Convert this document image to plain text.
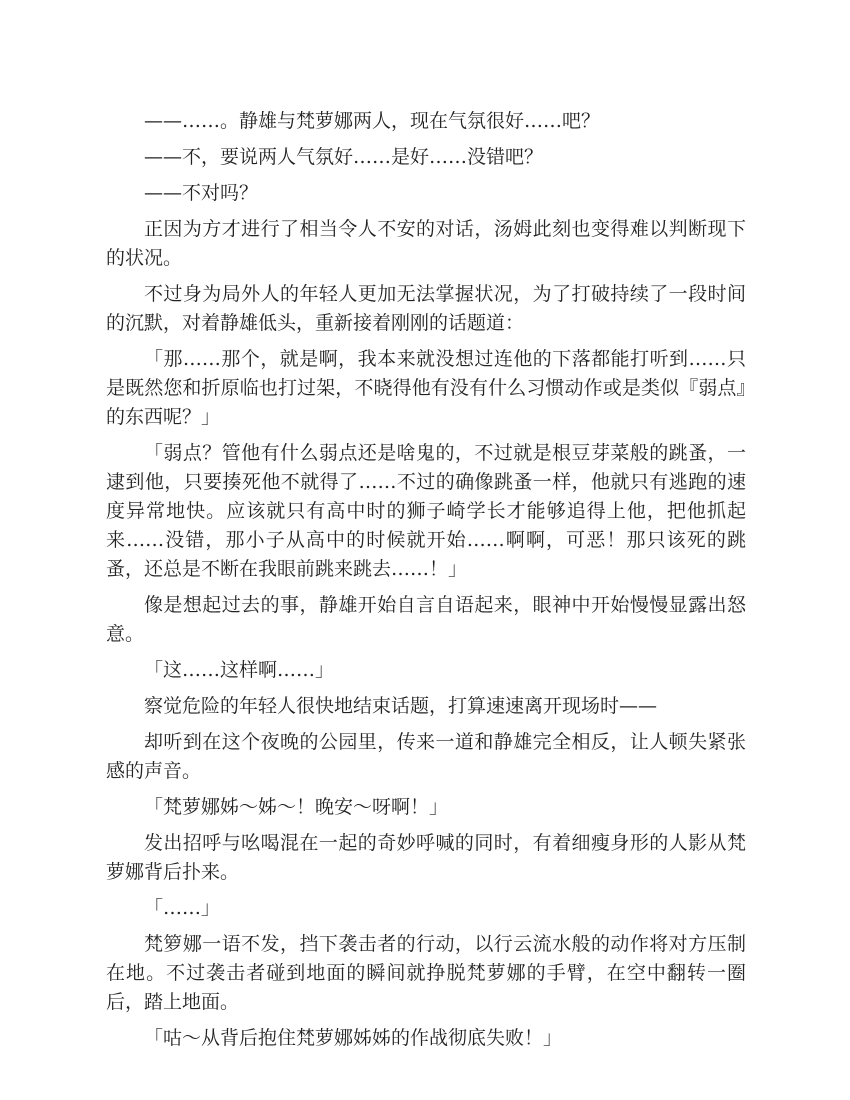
——……。静雄与梵萝娜两人，现在气氛很好……吧？

——不，要说两人气氛好……是好……没错吧？

——不对吗？

正因为方才进行了相当令人不安的对话，汤姆此刻也变得难以判断现下的状况。

不过身为局外人的年轻人更加无法掌握状况，为了打破持续了一段时间的沉默，对着静雄低头，重新接着刚刚的话题道：

「那……那个，就是啊，我本来就没想过连他的下落都能打听到……只是既然您和折原临也打过架，不晓得他有没有什么习惯动作或是类似『弱点』的东西呢？」

「弱点？管他有什么弱点还是啥鬼的，不过就是根豆芽菜般的跳蚤，一逮到他，只要揍死他不就得了……不过的确像跳蚤一样，他就只有逃跑的速度异常地快。应该就只有高中时的狮子崎学长才能够追得上他，把他抓起来……没错，那小子从高中的时候就开始……啊啊，可恶！那只该死的跳蚤，还总是不断在我眼前跳来跳去……！」

像是想起过去的事，静雄开始自言自语起来，眼神中开始慢慢显露出怒意。

「这……这样啊……」

察觉危险的年轻人很快地结束话题，打算速速离开现场时——

却听到在这个夜晚的公园里，传来一道和静雄完全相反，让人顿失紧张感的声音。

「梵萝娜姊～姊～！晚安～呀啊！」

发出招呼与吆喝混在一起的奇妙呼喊的同时，有着细瘦身形的人影从梵萝娜背后扑来。

「……」

梵箩娜一语不发，挡下袭击者的行动，以行云流水般的动作将对方压制在地。不过袭击者碰到地面的瞬间就挣脱梵萝娜的手臂，在空中翻转一圈后，踏上地面。

「咕～从背后抱住梵萝娜姊姊的作战彻底失败！」
